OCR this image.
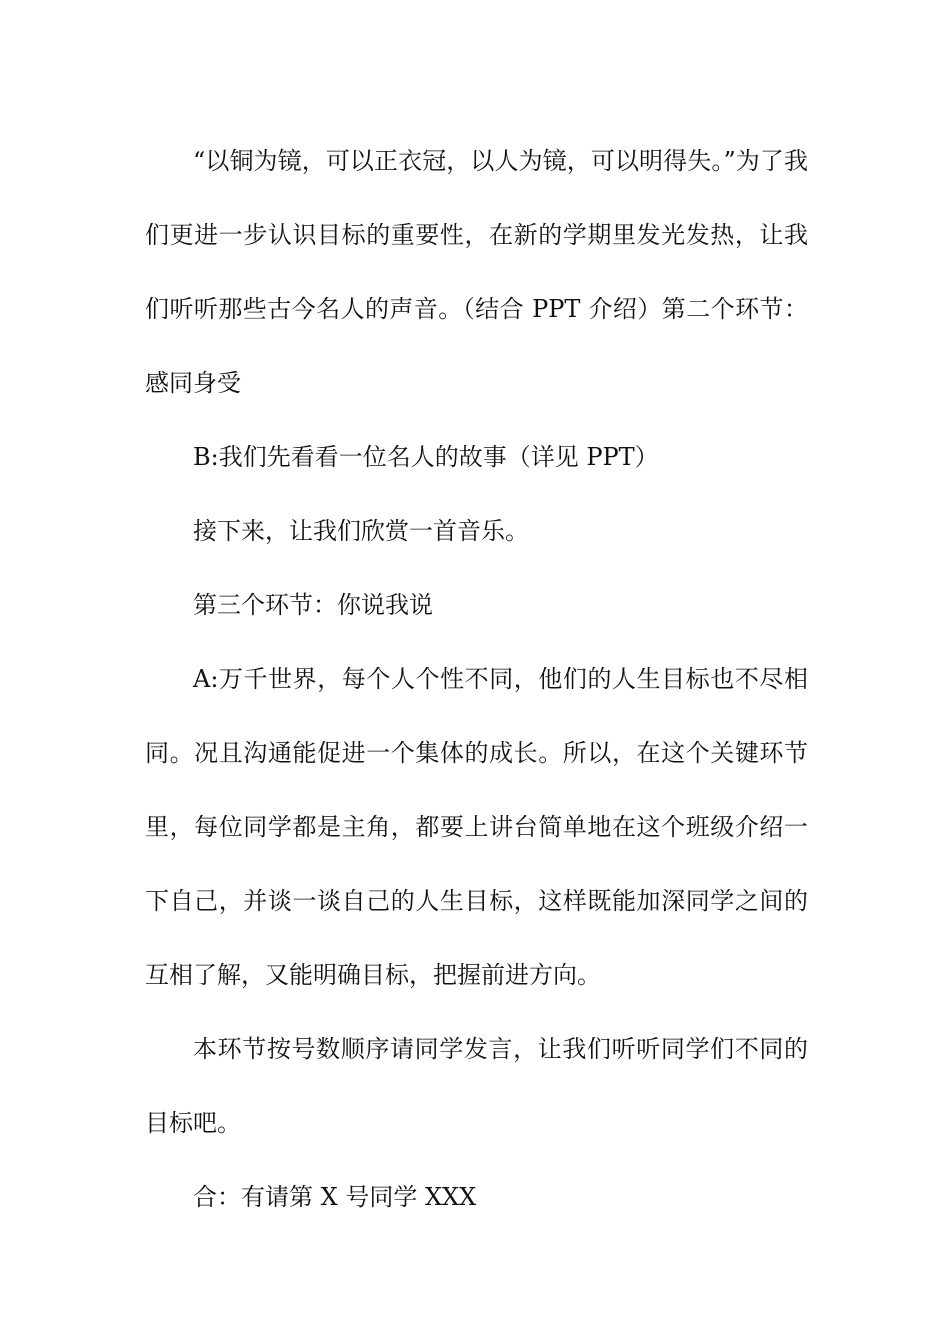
“以铜为镜，可以正衣冠，以人为镜，可以明得失。”为了我们更进一步认识目标的重要性，在新的学期里发光发热，让我们听听那些古今名人的声音。（结合 PPT 介绍）第二个环节：感同身受

B:我们先看看一位名人的故事（详见 PPT）

接下来，让我们欣赏一首音乐。

第三个环节：你说我说

A:万千世界，每个人个性不同，他们的人生目标也不尽相同。况且沟通能促进一个集体的成长。所以，在这个关键环节里，每位同学都是主角，都要上讲台简单地在这个班级介绍一下自己，并谈一谈自己的人生目标，这样既能加深同学之间的互相了解，又能明确目标，把握前进方向。

本环节按号数顺序请同学发言，让我们听听同学们不同的目标吧。

合：有请第 X 号同学 XXX
